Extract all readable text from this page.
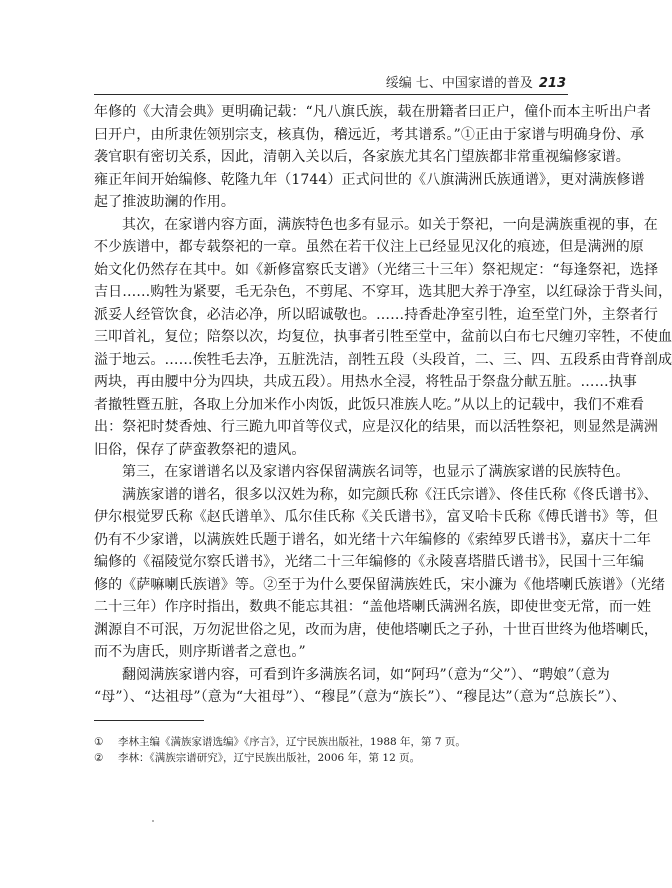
绥编 七、中国家谱的普及 213
年修的《大清会典》更明确记载：“凡八旗氏族，载在册籍者曰正户，僮仆而本主听出户者
曰开户，由所隶佐领别宗支，核真伪，稽远近，考其谱系。”①正由于家谱与明确身份、承
袭官职有密切关系，因此，清朝入关以后，各家族尤其名门望族都非常重视编修家谱。
雍正年间开始编修、乾隆九年（1744）正式问世的《八旗满洲氏族通谱》，更对满族修谱
起了推波助澜的作用。
其次，在家谱内容方面，满族特色也多有显示。如关于祭祀，一向是满族重视的事，在
不少族谱中，都专载祭祀的一章。虽然在若干仪注上已经显见汉化的痕迹，但是满洲的原
始文化仍然存在其中。如《新修富察氏支谱》（光绪三十三年）祭祀规定：“每逢祭祀，选择
吉日……购牲为紧要，毛无杂色，不剪尾、不穿耳，选其肥大养于净室，以红碌涂于背头间，
派妥人经管饮食，必洁必净，所以昭诚敬也。……持香赴净室引牲，迨至堂门外，主祭者行
三叩首礼，复位；陪祭以次，均复位，执事者引牲至堂中，盆前以白布七尺缠刃宰牲，不使血
溢于地云。……俟牲毛去净，五脏洗洁，剖牲五段（头段首，二、三、四、五段系由背脊剖成
两块，再由腰中分为四块，共成五段）。用热水全浸，将牲品于祭盘分献五脏。……执事
者撤牲暨五脏，各取上分加米作小肉饭，此饭只准族人吃。”从以上的记载中，我们不难看
出：祭祀时焚香烛、行三跪九叩首等仪式，应是汉化的结果，而以活牲祭祀，则显然是满洲
旧俗，保存了萨蛮教祭祀的遗风。
第三，在家谱谱名以及家谱内容保留满族名词等，也显示了满族家谱的民族特色。
满族家谱的谱名，很多以汉姓为称，如完颜氏称《汪氏宗谱》、佟佳氏称《佟氏谱书》、
伊尔根觉罗氏称《赵氏谱单》、瓜尔佳氏称《关氏谱书》，富叉哈卡氏称《傅氏谱书》等，但
仍有不少家谱，以满族姓氏题于谱名，如光绪十六年编修的《索绰罗氏谱书》，嘉庆十二年
编修的《福陵觉尔察氏谱书》，光绪二十三年编修的《永陵喜塔腊氏谱书》，民国十三年编
修的《萨嘛喇氏族谱》等。②至于为什么要保留满族姓氏，宋小濂为《他塔喇氏族谱》（光绪
二十三年）作序时指出，数典不能忘其祖：“盖他塔喇氏满洲名族，即使世变无常，而一姓
渊源自不可泯，万勿泥世俗之见，改而为唐，使他塔喇氏之子孙，十世百世终为他塔喇氏，
而不为唐氏，则序斯谱者之意也。”
翻阅满族家谱内容，可看到许多满族名词，如“阿玛”（意为“父”）、“聘娘”（意为
“母”）、“达祖母”（意为“大祖母”）、“穆昆”（意为“族长”）、“穆昆达”（意为“总族长”）、
① 李林主编《满族家谱选编》《序言》，辽宁民族出版社，1988 年，第 7 页。
② 李林：《满族宗谱研究》，辽宁民族出版社，2006 年，第 12 页。
